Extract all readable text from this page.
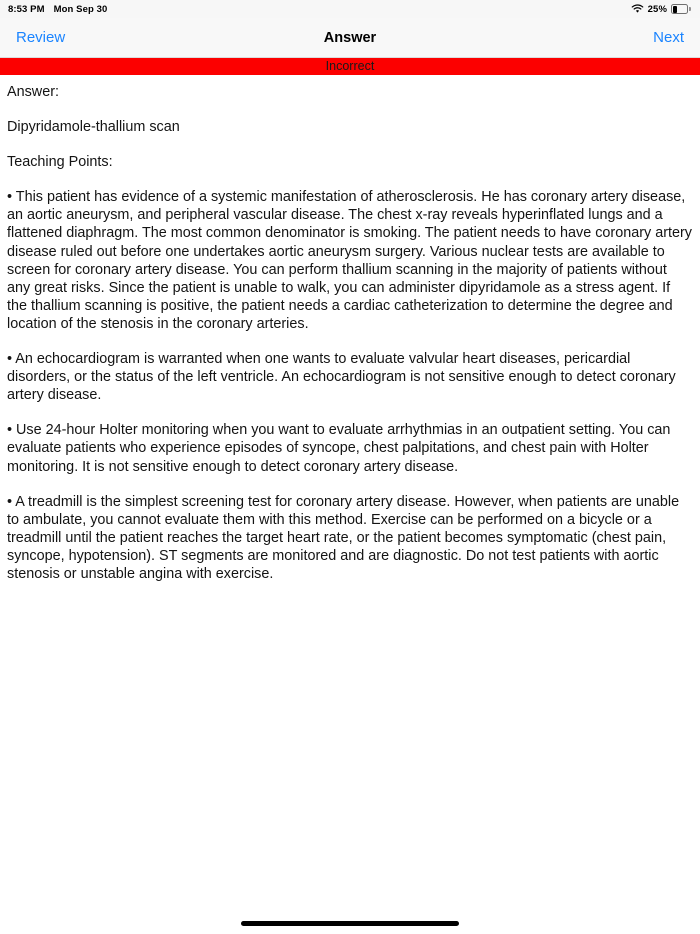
8:53 PM Mon Sep 30	25%
Review	Answer	Next
Incorrect

Answer:

Dipyridamole-thallium scan

Teaching Points:

• This patient has evidence of a systemic manifestation of atherosclerosis. He has coronary artery disease, an aortic aneurysm, and peripheral vascular disease. The chest x-ray reveals hyperinflated lungs and a flattened diaphragm. The most common denominator is smoking. The patient needs to have coronary artery disease ruled out before one undertakes aortic aneurysm surgery. Various nuclear tests are available to screen for coronary artery disease. You can perform thallium scanning in the majority of patients without any great risks. Since the patient is unable to walk, you can administer dipyridamole as a stress agent. If the thallium scanning is positive, the patient needs a cardiac catheterization to determine the degree and location of the stenosis in the coronary arteries.

• An echocardiogram is warranted when one wants to evaluate valvular heart diseases, pericardial disorders, or the status of the left ventricle. An echocardiogram is not sensitive enough to detect coronary artery disease.

• Use 24-hour Holter monitoring when you want to evaluate arrhythmias in an outpatient setting. You can evaluate patients who experience episodes of syncope, chest palpitations, and chest pain with Holter monitoring. It is not sensitive enough to detect coronary artery disease.

• A treadmill is the simplest screening test for coronary artery disease. However, when patients are unable to ambulate, you cannot evaluate them with this method. Exercise can be performed on a bicycle or a treadmill until the patient reaches the target heart rate, or the patient becomes symptomatic (chest pain, syncope, hypotension). ST segments are monitored and are diagnostic. Do not test patients with aortic stenosis or unstable angina with exercise.
